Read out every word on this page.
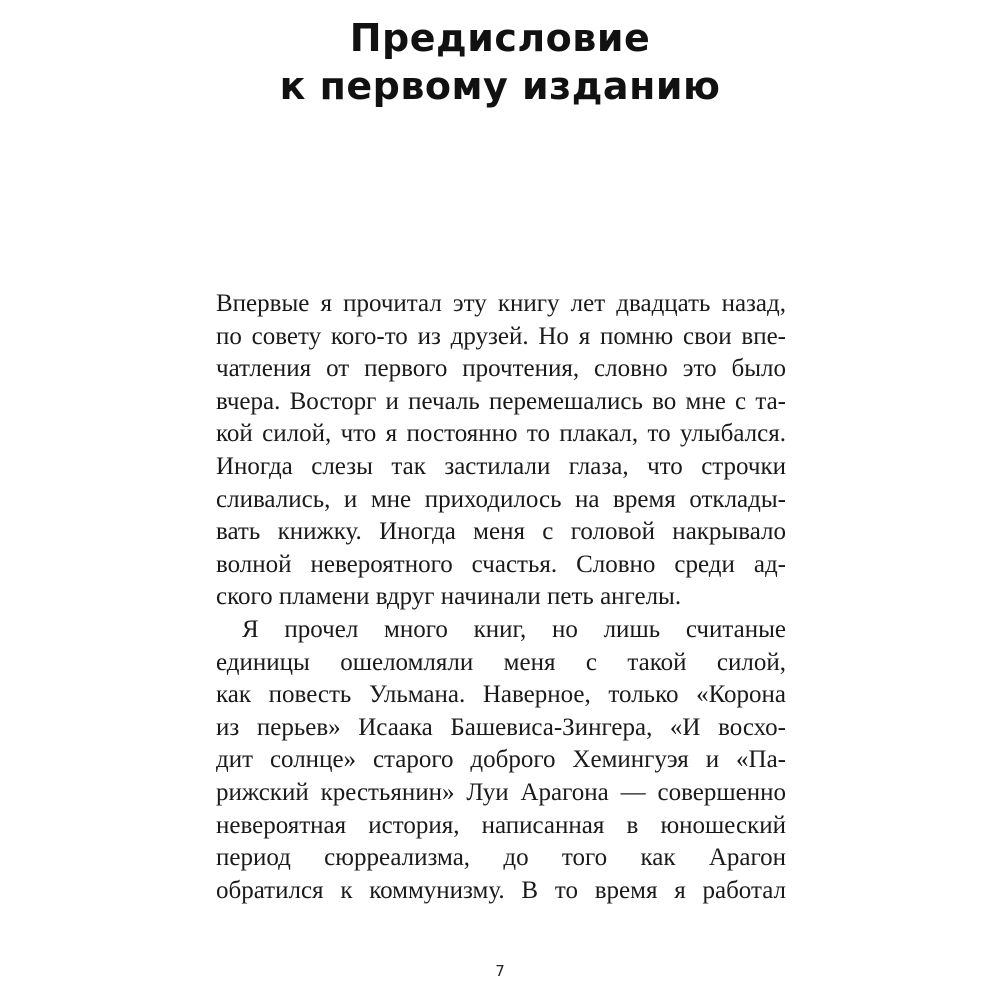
Предисловие
к первому изданию
Впервые я прочитал эту книгу лет двадцать назад,
по совету кого-то из друзей. Но я помню свои впе-
чатления от первого прочтения, словно это было
вчера. Восторг и печаль перемешались во мне с та-
кой силой, что я постоянно то плакал, то улыбался.
Иногда слезы так застилали глаза, что строчки
сливались, и мне приходилось на время отклады-
вать книжку. Иногда меня с головой накрывало
волной невероятного счастья. Словно среди ад-
ского пламени вдруг начинали петь ангелы.
Я прочел много книг, но лишь считаные
единицы ошеломляли меня с такой силой,
как повесть Ульмана. Наверное, только «Корона
из перьев» Исаака Башевиса-Зингера, «И восхо-
дит солнце» старого доброго Хемингуэя и «Па-
рижский крестьянин» Луи Арагона — совершенно
невероятная история, написанная в юношеский
период сюрреализма, до того как Арагон
обратился к коммунизму. В то время я работал
7
